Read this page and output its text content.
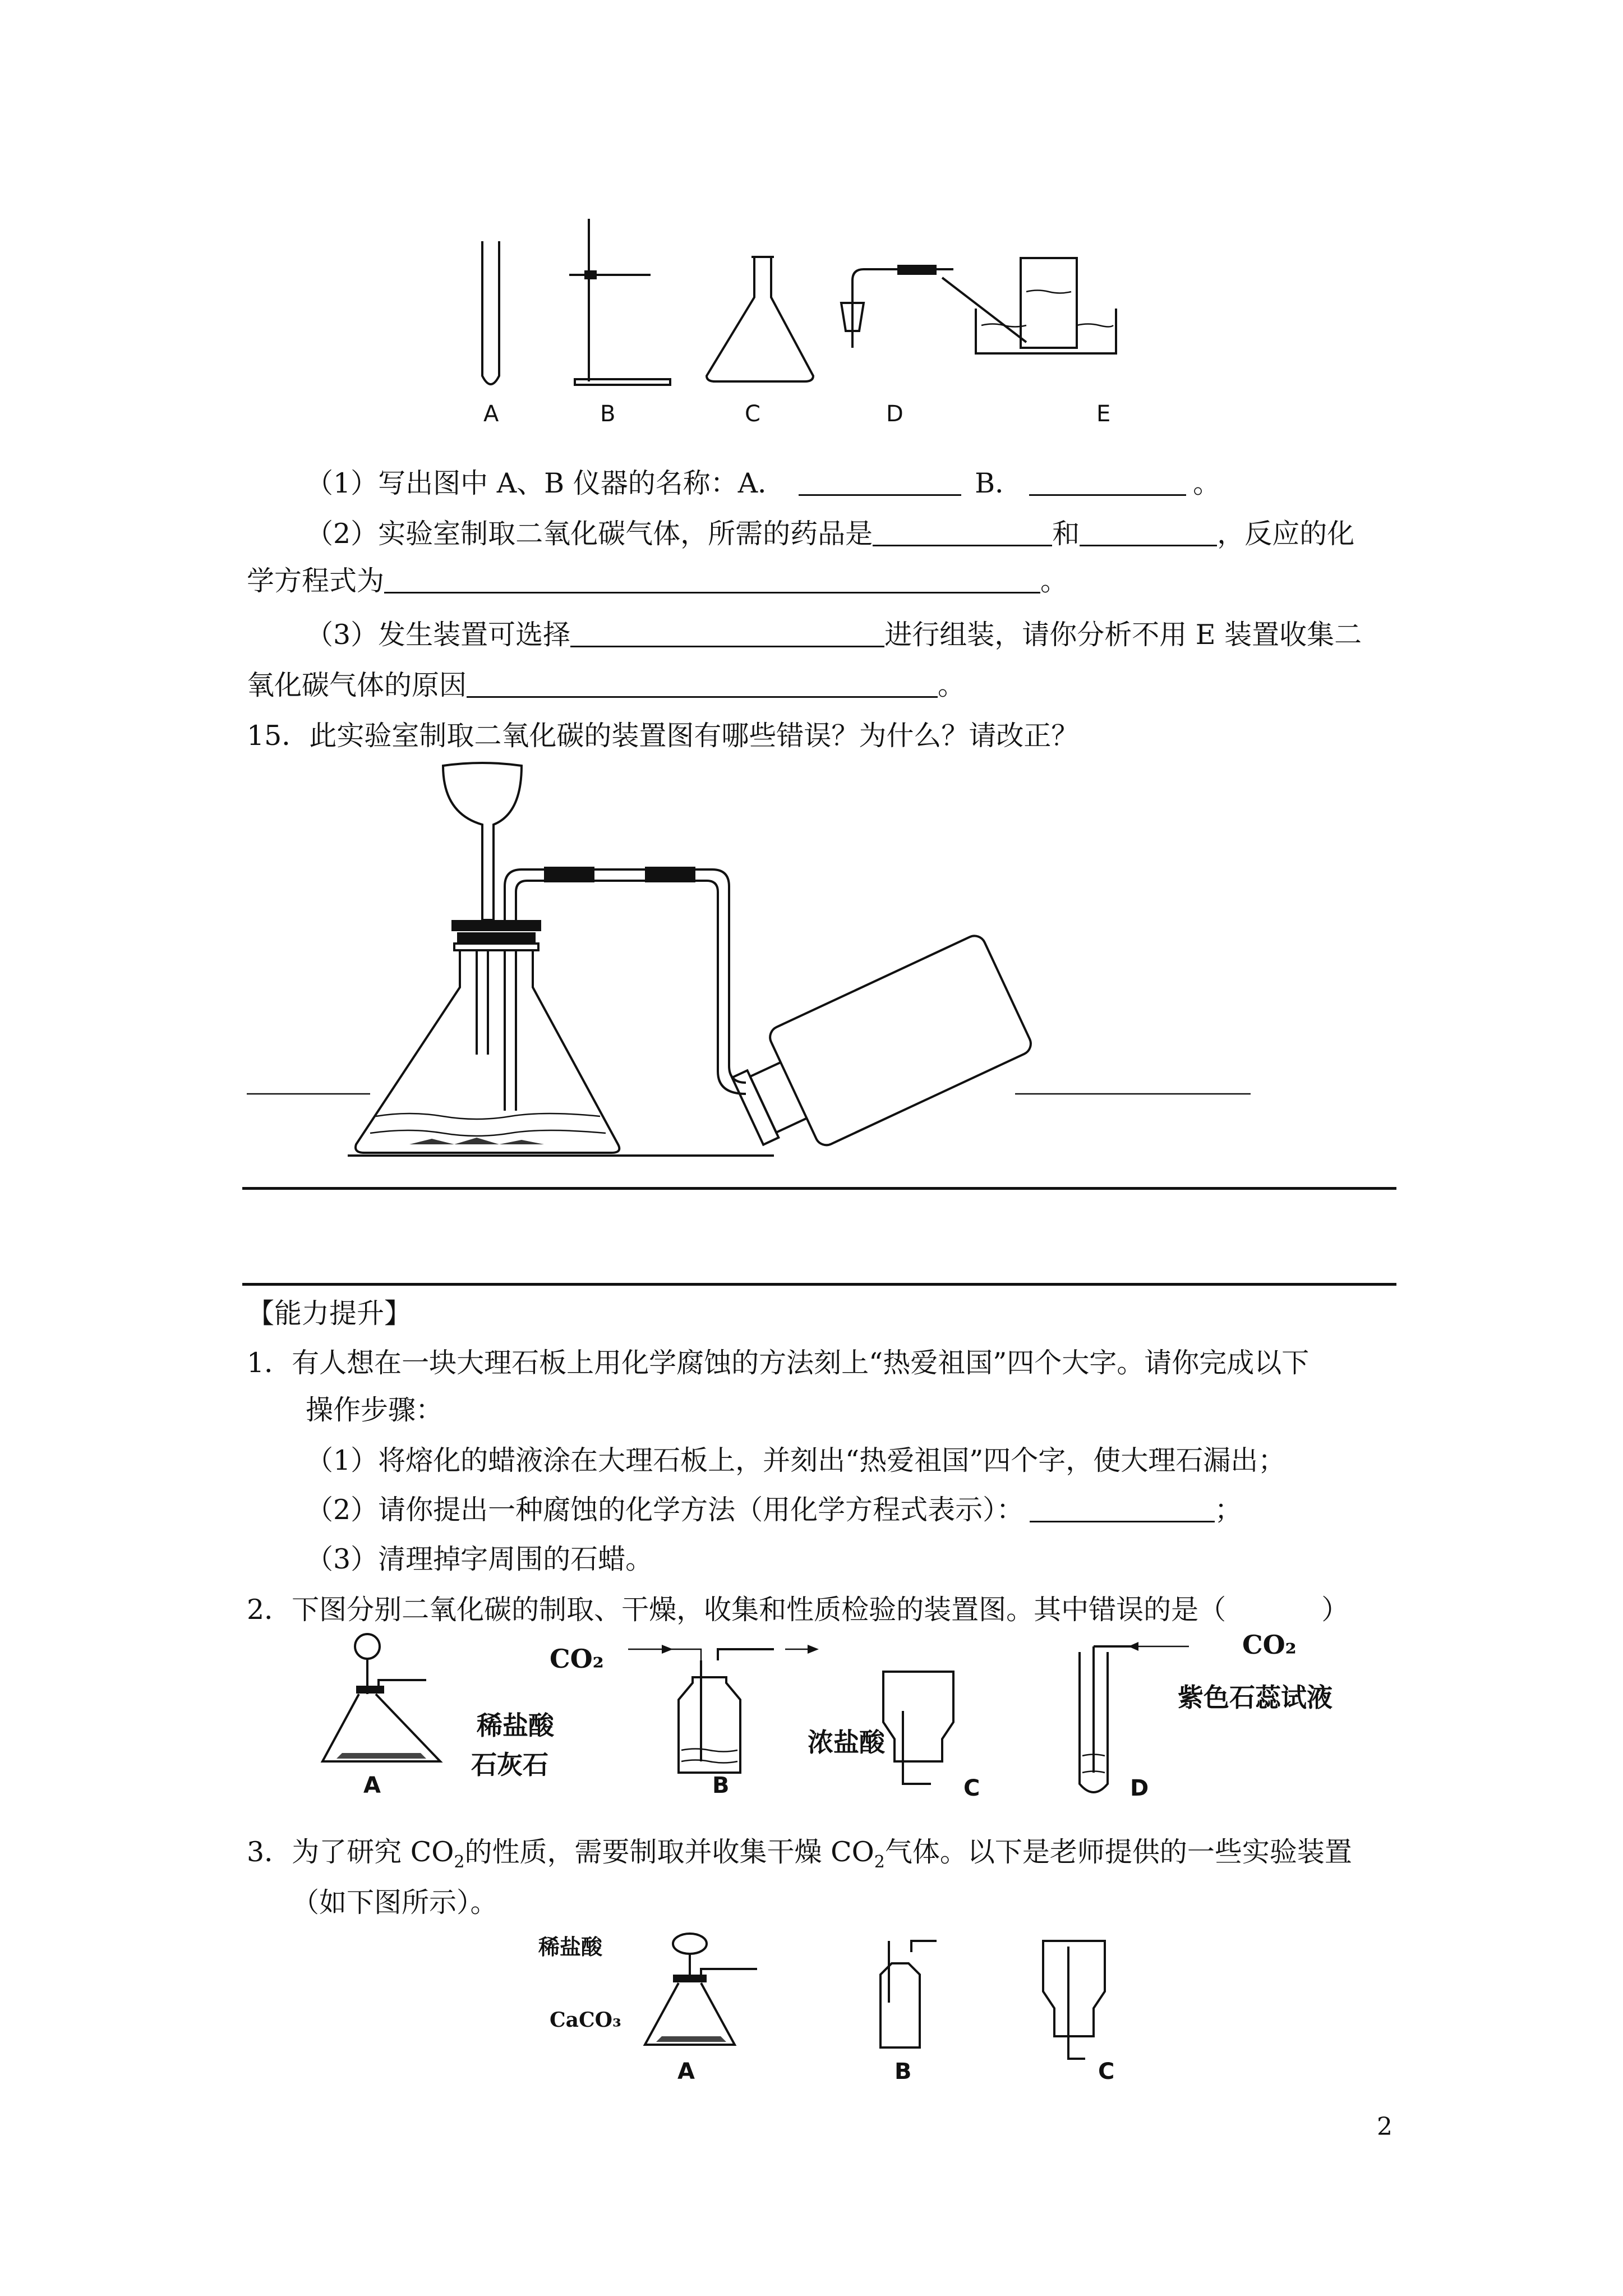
A	B	C	D	E
（1）写出图中 A、B 仪器的名称：A．	B．	。
（2）实验室制取二氧化碳气体，所需的药品是	和	，反应的化
学方程式为	。
（3）发生装置可选择	进行组装，请你分析不用 E 装置收集二
氧化碳气体的原因	。
15．此实验室制取二氧化碳的装置图有哪些错误？为什么？请改正？
【能力提升】
1．有人想在一块大理石板上用化学腐蚀的方法刻上“热爱祖国”四个大字。请你完成以下
操作步骤：
（1）将熔化的蜡液涂在大理石板上，并刻出“热爱祖国”四个字，使大理石漏出；
（2）请你提出一种腐蚀的化学方法（用化学方程式表示）：	；
（3）清理掉字周围的石蜡。
2．下图分别二氧化碳的制取、干燥，收集和性质检验的装置图。其中错误的是（	）
CO₂	CO₂
稀盐酸
石灰石
浓盐酸
紫色石蕊试液
A	B	C	D
3．为了研究 $CO_2$的性质，需要制取并收集干燥 $CO_2$气体。以下是老师提供的一些实验装置
（如下图所示）。
稀盐酸
CaCO₃
A	B	C
2
